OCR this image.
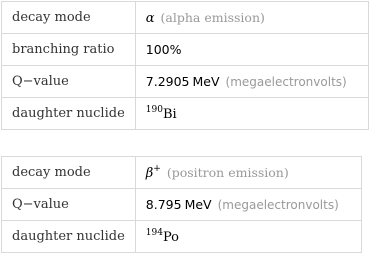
decay mode	α (alpha emission)
branching ratio	100%
Q−value	7.2905 MeV (megaelectronvolts)
daughter nuclide	$^{190}$Bi
decay mode	β+ (positron emission)
Q−value	8.795 MeV (megaelectronvolts)
daughter nuclide	$^{194}$Po
